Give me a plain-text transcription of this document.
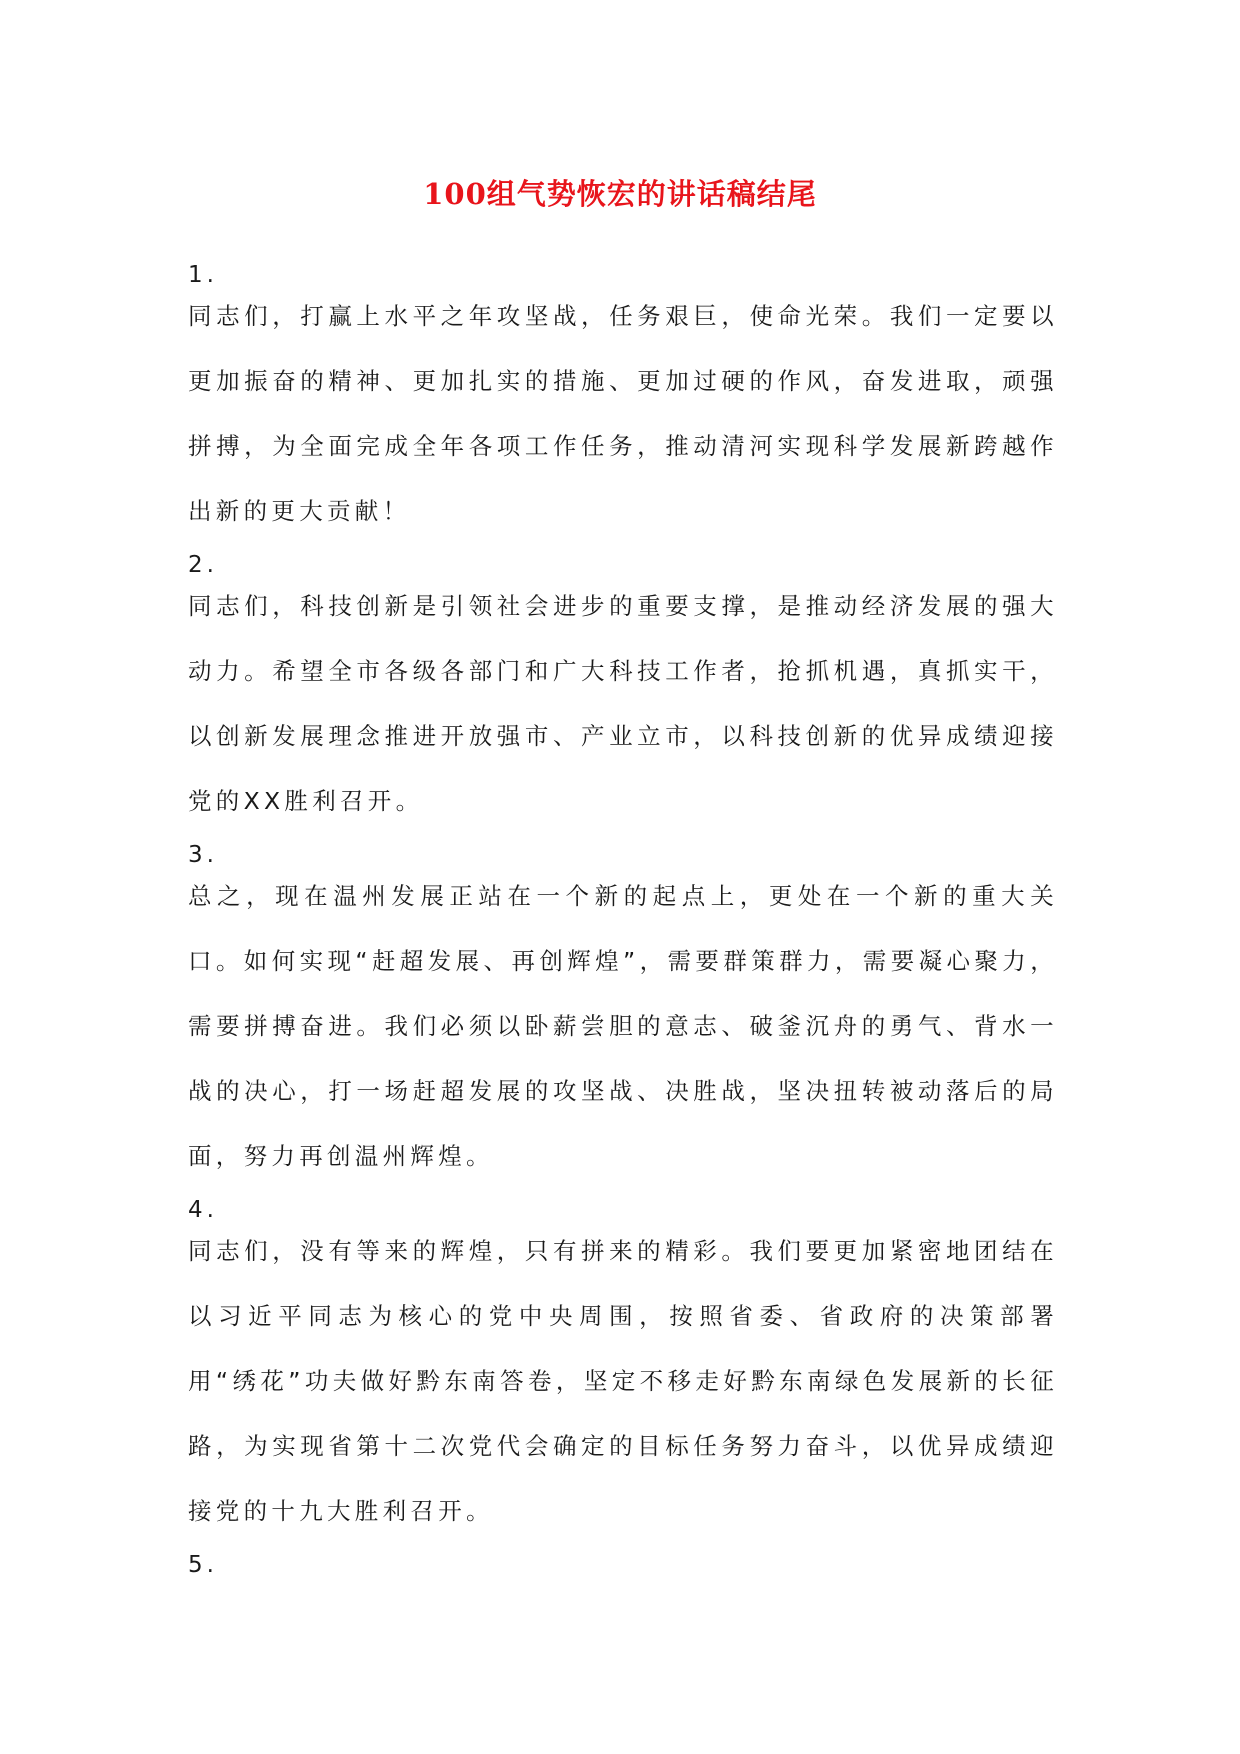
100组气势恢宏的讲话稿结尾
1.
同志们，打赢上水平之年攻坚战，任务艰巨，使命光荣。我们一定要以更加振奋的精神、更加扎实的措施、更加过硬的作风，奋发进取，顽强拼搏，为全面完成全年各项工作任务，推动清河实现科学发展新跨越作出新的更大贡献！
2.
同志们，科技创新是引领社会进步的重要支撑，是推动经济发展的强大动力。希望全市各级各部门和广大科技工作者，抢抓机遇，真抓实干，以创新发展理念推进开放强市、产业立市，以科技创新的优异成绩迎接党的XX胜利召开。
3.
总之，现在温州发展正站在一个新的起点上，更处在一个新的重大关口。如何实现“赶超发展、再创辉煌”，需要群策群力，需要凝心聚力，需要拼搏奋进。我们必须以卧薪尝胆的意志、破釜沉舟的勇气、背水一战的决心，打一场赶超发展的攻坚战、决胜战，坚决扭转被动落后的局面，努力再创温州辉煌。
4.
同志们，没有等来的辉煌，只有拼来的精彩。我们要更加紧密地团结在以习近平同志为核心的党中央周围，按照省委、省政府的决策部署用“绣花”功夫做好黔东南答卷，坚定不移走好黔东南绿色发展新的长征路，为实现省第十二次党代会确定的目标任务努力奋斗，以优异成绩迎接党的十九大胜利召开。
5.
